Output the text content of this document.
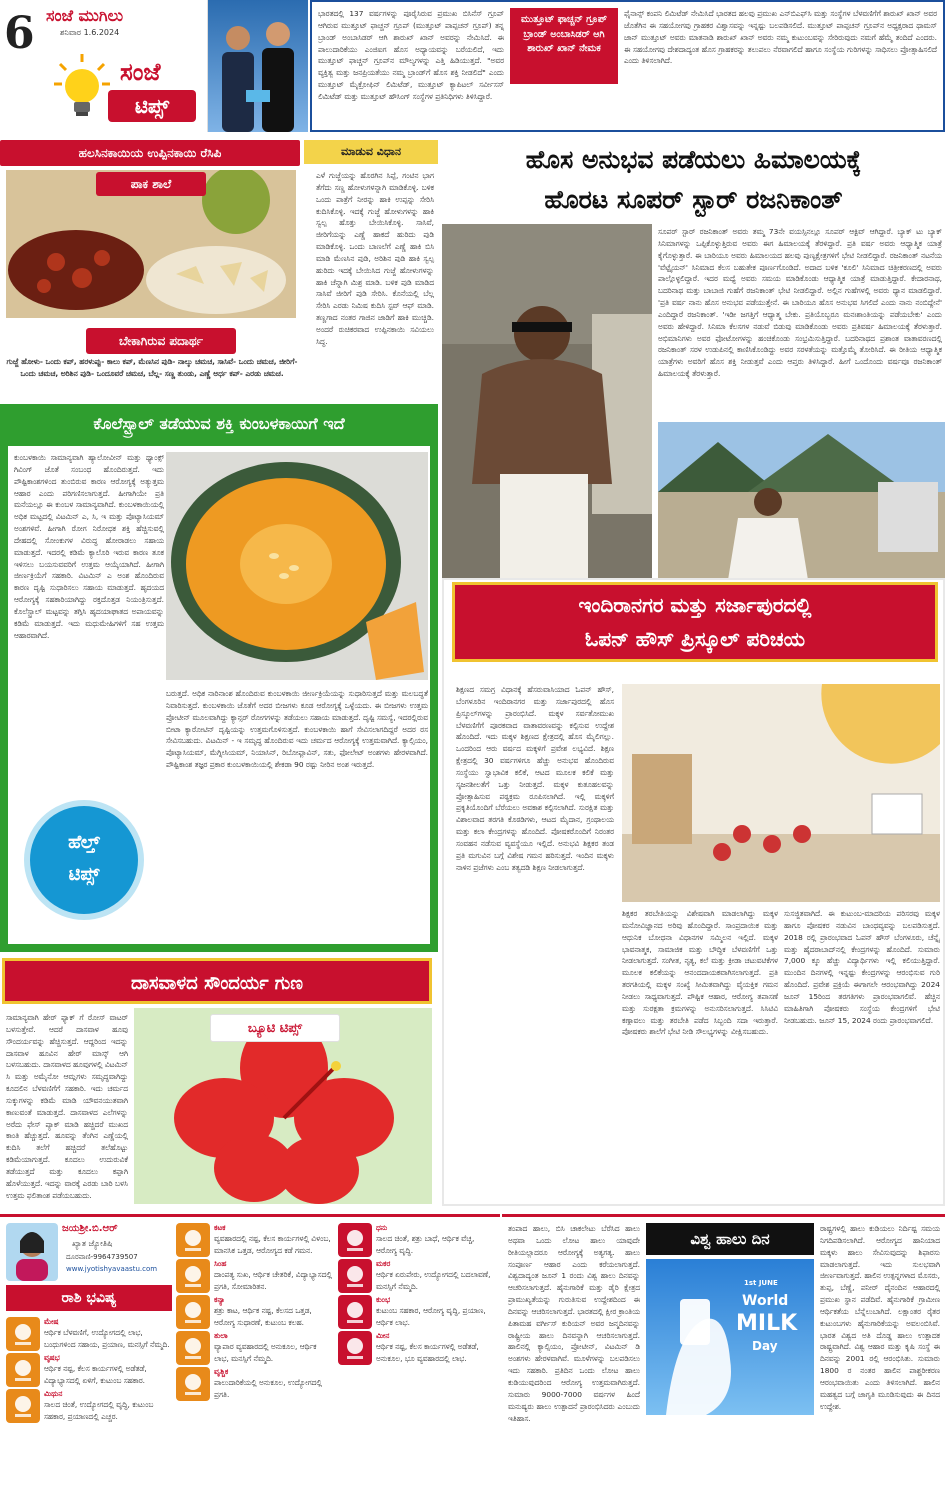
6 ಸಂಜೆ ಮುಗಿಲು
ಶನಿವಾರ 1.6.2024
ಸಂಜೆ
ಟಿಪ್ಸ್
ಭಾರತದಲ್ಲಿ 137 ವರ್ಷಗಳನ್ನು ಪೂರೈಸಿರುವ ಪ್ರಮುಖ ಬಿಸಿನೆಸ್ ಗ್ರೂಪ್ ಆಗಿರುವ ಮುತ್ತೂಟ್ ಫಾಚ್ಚನ್ ಗ್ರೂಪ್ (ಮುತ್ತೂಟ್ ಪಾಪ್ಪಚನ್ ಗ್ರೂಪ್) ತನ್ನ ಬ್ರಾಂಡ್ ಅಂಬಾಸಿಡರ್ ಆಗಿ ಶಾರುಖ್ ಖಾನ್ ಅವರನ್ನು ನೇಮಿಸಿದೆ. ಈ ಪಾಲುದಾರಿಕೆಯು ಎಂಜಿಐಗ ಹೊಸ ಅಧ್ಯಾಯವನ್ನು ಬರೆಯಲಿದೆ, ಇದು ಮುತ್ತೂಟ್ ಫಾಚ್ಚನ್ ಗ್ರೂಪ್‌ನ ಮೌಲ್ಯಗಳನ್ನು ಎತ್ತಿ ಹಿಡಿಯುತ್ತದೆ. "ಅವರ ವ್ಯಕ್ತಿತ್ವ ಮತ್ತು ಜನಪ್ರಿಯತೆಯು ನಮ್ಮ ಬ್ರಾಂಡ್‌ಗೆ ಹೊಸ ಶಕ್ತಿ ನೀಡಲಿದೆ" ಎಂದು ಮುತ್ತೂಟ್ ಮೈಕ್ರೋಫಿನ್ ಲಿಮಿಟೆಡ್, ಮುತ್ತೂಟ್ ಕ್ಯಾಪಿಟಲ್ ಸರ್ವೀಸಸ್ ಲಿಮಿಟೆಡ್ ಮತ್ತು ಮುತ್ತೂಟ್ ಹೌಸಿಂಗ್ ಸಂಸ್ಥೆಗಳ ಪ್ರತಿನಿಧಿಗಳು ತಿಳಿಸಿದ್ದಾರೆ.
ಮುತ್ತೂಟ್ ಫಾಚ್ಚನ್ ಗ್ರೂಪ್ ಬ್ರಾಂಡ್ ಅಂಬಾಸಿಡರ್ ಆಗಿ ಶಾರುಖ್ ಖಾನ್ ನೇಮಕ
ಫೈನಾನ್ಸ್ ಕಂಪನಿ ಲಿಮಿಟೆಡ್ ನೇಮಿಸಿದೆ ಭಾರತದ ಹಲವು ಪ್ರಮುಖ ಎನ್‌ಬಿಎಫ್‌ಸಿ ಮತ್ತು ಸಂಸ್ಥೆಗಳ ಬೆಳವಣಿಗೆಗೆ ಶಾರುಖ್ ಖಾನ್ ಅವರ ಜೊತೆಗಿನ ಈ ಸಹಯೋಗವು ಗ್ರಾಹಕರ ವಿಶ್ವಾಸವನ್ನು ಇನ್ನಷ್ಟು ಬಲಪಡಿಸಲಿದೆ. ಮುತ್ತೂಟ್ ಪಾಪ್ಪಚನ್ ಗ್ರೂಪ್‌ನ ಅಧ್ಯಕ್ಷರಾದ ಥಾಮಸ್ ಜಾನ್ ಮುತ್ತೂಟ್ ಅವರು ಮಾತನಾಡಿ ಶಾರುಖ್ ಖಾನ್ ಅವರು ನಮ್ಮ ಕುಟುಂಬವನ್ನು ಸೇರಿರುವುದು ನಮಗೆ ಹೆಮ್ಮೆ ತಂದಿದೆ ಎಂದರು. ಈ ಸಹಯೋಗವು ದೇಶದಾದ್ಯಂತ ಹೊಸ ಗ್ರಾಹಕರನ್ನು ತಲುಪಲು ನೆರವಾಗಲಿದೆ ಹಾಗೂ ಸಂಸ್ಥೆಯ ಗುರಿಗಳನ್ನು ಸಾಧಿಸಲು ಪ್ರೋತ್ಸಾಹಿಸಲಿದೆ ಎಂದು ತಿಳಿಸಲಾಗಿದೆ.
ಹಲಸಿನಕಾಯಿಯ ಉಪ್ಪಿನಕಾಯಿ ರೆಸಿಪಿ	ಮಾಡುವ ವಿಧಾನ
ಪಾಕ ಶಾಲೆ
ಎಳೆ ಗುಜ್ಜೆಯನ್ನು ಹೊರಗಿನ ಸಿಪ್ಪೆ, ಗಂಟಿನ ಭಾಗ ತೆಗೆದು ಸಣ್ಣ ಹೋಳುಗಳನ್ನಾಗಿ ಮಾಡಿಕೊಳ್ಳಿ. ಬಳಿಕ ಒಂದು ಪಾತ್ರೆಗೆ ನೀರನ್ನು ಹಾಕಿ ಉಪ್ಪನ್ನು ಸೇರಿಸಿ ಕುದಿಸಿಕೊಳ್ಳಿ. ಇದಕ್ಕೆ ಗುಜ್ಜೆ ಹೋಳುಗಳನ್ನು ಹಾಕಿ ಸ್ವಲ್ಪ ಹೊತ್ತು ಬೇಯಿಸಿಕೊಳ್ಳಿ. ಸಾಸಿವೆ, ಜೀರಿಗೆಯನ್ನು ಎಣ್ಣೆ ಹಾಕದೆ ಹುರಿದು ಪುಡಿ ಮಾಡಿಕೊಳ್ಳಿ. ಒಂದು ಬಾಣಲೆಗೆ ಎಣ್ಣೆ ಹಾಕಿ ಬಿಸಿ ಮಾಡಿ ಮೆಣಸಿನ ಪುಡಿ, ಅರಿಶಿನ ಪುಡಿ ಹಾಕಿ ಸ್ವಲ್ಪ ಹುರಿದು ಇದಕ್ಕೆ ಬೇಯಿಸಿದ ಗುಜ್ಜೆ ಹೋಳುಗಳನ್ನು ಹಾಕಿ ಚೆನ್ನಾಗಿ ಮಿಶ್ರ ಮಾಡಿ. ಬಳಿಕ ಪುಡಿ ಮಾಡಿದ ಸಾಸಿವೆ ಜೀರಿಗೆ ಪುಡಿ ಸೇರಿಸಿ. ಕೊನೆಯಲ್ಲಿ ಬೆಲ್ಲ ಸೇರಿಸಿ ಎರಡು ನಿಮಿಷ ಕುದಿಸಿ ಸ್ಟವ್ ಆಫ್ ಮಾಡಿ. ತಣ್ಣಗಾದ ನಂತರ ಗಾಜಿನ ಜಾಡಿಗೆ ಹಾಕಿ ಮುಚ್ಚಿಡಿ. ಅಂದರೆ ರುಚಿಕರವಾದ ಉಪ್ಪಿನಕಾಯಿ ಸವಿಯಲು ಸಿದ್ಧ.
ಬೇಕಾಗಿರುವ ಪದಾರ್ಥ
ಗುಜ್ಜೆ ಹೋಳು- ಒಂದು ಕಪ್, ಹರಳುಪ್ಪು- ಕಾಲು ಕಪ್, ಮೆಣಸಿನ ಪುಡಿ- ನಾಲ್ಕು ಚಮಚ, ಸಾಸಿವೆ- ಒಂದು ಚಮಚ, ಜೀರಿಗೆ- ಒಂದು ಚಮಚ, ಅರಿಶಿನ ಪುಡಿ- ಒಂದೂವರೆ ಚಮಚ, ಬೆಲ್ಲ- ಸಣ್ಣ ತುಂಡು, ಎಣ್ಣೆ ಅರ್ಧ ಕಪ್- ಎರಡು ಚಮಚ.
ಹೊಸ ಅನುಭವ ಪಡೆಯಲು ಹಿಮಾಲಯಕ್ಕೆ
ಹೊರಟ ಸೂಪರ್ ಸ್ಟಾರ್ ರಜನಿಕಾಂತ್
ಸೂಪರ್ ಸ್ಟಾರ್ ರಜನಿಕಾಂತ್ ಅವರು ತಮ್ಮ 73ನೇ ವಯಸ್ಸಿನಲ್ಲೂ ಸೂಪರ್ ಆಕ್ಟಿವ್ ಆಗಿದ್ದಾರೆ. ಬ್ಯಾಕ್ ಟು ಬ್ಯಾಕ್ ಸಿನಿಮಾಗಳನ್ನು ಒಪ್ಪಿಕೊಳ್ಳುತ್ತಿರುವ ಅವರು ಈಗ ಹಿಮಾಲಯಕ್ಕೆ ತೆರಳಿದ್ದಾರೆ. ಪ್ರತಿ ವರ್ಷ ಅವರು ಆಧ್ಯಾತ್ಮಿಕ ಯಾತ್ರೆ ಕೈಗೊಳ್ಳುತ್ತಾರೆ. ಈ ಬಾರಿಯೂ ಅವರು ಹಿಮಾಲಯದ ಹಲವು ಪುಣ್ಯಕ್ಷೇತ್ರಗಳಿಗೆ ಭೇಟಿ ನೀಡಲಿದ್ದಾರೆ. ರಜನಿಕಾಂತ್ ನಟನೆಯ 'ವೆಟ್ಟೈಯನ್' ಸಿನಿಮಾದ ಕೆಲಸ ಬಹುತೇಕ ಪೂರ್ಣಗೊಂಡಿದೆ. ಅದಾದ ಬಳಿಕ 'ಕೂಲಿ' ಸಿನಿಮಾದ ಚಿತ್ರೀಕರಣದಲ್ಲಿ ಅವರು ಪಾಲ್ಗೊಳ್ಳಲಿದ್ದಾರೆ. ಇದರ ಮಧ್ಯೆ ಅವರು ಸಮಯ ಮಾಡಿಕೊಂಡು ಆಧ್ಯಾತ್ಮಿಕ ಯಾತ್ರೆ ಮಾಡುತ್ತಿದ್ದಾರೆ. ಕೇದಾರನಾಥ, ಬದರಿನಾಥ ಮತ್ತು ಬಾಬಾಜಿ ಗುಹೆಗೆ ರಜನಿಕಾಂತ್ ಭೇಟಿ ನೀಡಲಿದ್ದಾರೆ. ಅಲ್ಲಿನ ಗುಹೆಗಳಲ್ಲಿ ಅವರು ಧ್ಯಾನ ಮಾಡಲಿದ್ದಾರೆ. 'ಪ್ರತಿ ವರ್ಷ ನಾನು ಹೊಸ ಅನುಭವ ಪಡೆಯುತ್ತೇನೆ. ಈ ಬಾರಿಯೂ ಹೊಸ ಅನುಭವ ಸಿಗಲಿದೆ ಎಂದು ನಾನು ನಂಬಿದ್ದೇನೆ' ಎಂದಿದ್ದಾರೆ ರಜನಿಕಾಂತ್. 'ಇಡೀ ಜಗತ್ತಿಗೆ ಆಧ್ಯಾತ್ಮ ಬೇಕು. ಪ್ರತಿಯೊಬ್ಬರೂ ಮನಃಶಾಂತಿಯನ್ನು ಪಡೆಯಬೇಕು' ಎಂದು ಅವರು ಹೇಳಿದ್ದಾರೆ. ಸಿನಿಮಾ ಕೆಲಸಗಳ ನಡುವೆ ಬಿಡುವು ಮಾಡಿಕೊಂಡು ಅವರು ಪ್ರತಿವರ್ಷ ಹಿಮಾಲಯಕ್ಕೆ ತೆರಳುತ್ತಾರೆ. ಅಭಿಮಾನಿಗಳು ಅವರ ಫೋಟೋಗಳನ್ನು ಹಂಚಿಕೊಂಡು ಸಂಭ್ರಮಿಸುತ್ತಿದ್ದಾರೆ. ಬದರಿನಾಥದ ಪ್ರಶಾಂತ ವಾತಾವರಣದಲ್ಲಿ ರಜನಿಕಾಂತ್ ಸರಳ ಉಡುಪಿನಲ್ಲಿ ಕಾಣಿಸಿಕೊಂಡಿದ್ದು ಅವರ ಸರಳತೆಯನ್ನು ಮತ್ತೊಮ್ಮೆ ತೋರಿಸಿದೆ. ಈ ರೀತಿಯ ಆಧ್ಯಾತ್ಮಿಕ ಯಾತ್ರೆಗಳು ಅವರಿಗೆ ಹೊಸ ಶಕ್ತಿ ನೀಡುತ್ತವೆ ಎಂದು ಆಪ್ತರು ತಿಳಿಸಿದ್ದಾರೆ. ಹೀಗೆ ಒಂದೊಂದು ವರ್ಷವೂ ರಜನಿಕಾಂತ್ ಹಿಮಾಲಯಕ್ಕೆ ತೆರಳುತ್ತಾರೆ.
ಕೊಲೆಸ್ಟ್ರಾಲ್ ತಡೆಯುವ ಶಕ್ತಿ ಕುಂಬಳಕಾಯಿಗೆ ಇದೆ
ಕುಂಬಳಕಾಯಿ ಸಾಮಾನ್ಯವಾಗಿ ಹ್ಯಾಲೋವೀನ್ ಮತ್ತು ಥ್ಯಾಂಕ್ಸ್ ಗಿವಿಂಗ್ ಜೊತೆ ಸಂಬಂಧ ಹೊಂದಿರುತ್ತದೆ. ಇದು ಪೌಷ್ಟಿಕಾಂಶಗಳಿಂದ ತುಂಬಿರುವ ಕಾರಣ ಆರೋಗ್ಯಕ್ಕೆ ಅತ್ಯುತ್ತಮ ಆಹಾರ ಎಂದು ಪರಿಗಣಿಸಲಾಗುತ್ತದೆ. ಹೀಗಾಗಿಯೇ ಪ್ರತಿ ಮನೆಯಲ್ಲೂ ಈ ಕುಂಬಳ ಸಾಮಾನ್ಯವಾಗಿದೆ. ಕುಂಬಳಕಾಯಿಯಲ್ಲಿ ಅಧಿಕ ಮಟ್ಟದಲ್ಲಿ ವಿಟಮಿನ್ ಎ, ಸಿ, ಇ ಮತ್ತು ಪೊಟ್ಯಾಸಿಯಮ್ ಅಂಶಗಳಿವೆ. ಹೀಗಾಗಿ ರೋಗ ನಿರೋಧಕ ಶಕ್ತಿ ಹೆಚ್ಚಿಸುವಲ್ಲಿ ದೇಹದಲ್ಲಿ ಸೋಂಕುಗಳ ವಿರುದ್ಧ ಹೋರಾಡಲು ಸಹಾಯ ಮಾಡುತ್ತದೆ. ಇದರಲ್ಲಿ ಕಡಿಮೆ ಕ್ಯಾಲೊರಿ ಇರುವ ಕಾರಣ ತೂಕ ಇಳಿಸಲು ಬಯಸುವವರಿಗೆ ಉತ್ತಮ ಆಯ್ಕೆಯಾಗಿದೆ. ಹೀಗಾಗಿ ಜೀರ್ಣಕ್ರಿಯೆಗೆ ಸಹಕಾರಿ. ವಿಟಮಿನ್ ಎ ಅಂಶ ಹೊಂದಿರುವ ಕಾರಣ ದೃಷ್ಟಿ ಸುಧಾರಿಸಲು ಸಹಾಯ ಮಾಡುತ್ತದೆ. ಹೃದಯದ ಆರೋಗ್ಯಕ್ಕೆ ಸಹಕಾರಿಯಾಗಿದ್ದು ರಕ್ತದೊತ್ತಡ ನಿಯಂತ್ರಿಸುತ್ತದೆ. ಕೊಲೆಸ್ಟ್ರಾಲ್ ಮಟ್ಟವನ್ನು ತಗ್ಗಿಸಿ ಹೃದಯಾಘಾತದ ಅಪಾಯವನ್ನು ಕಡಿಮೆ ಮಾಡುತ್ತದೆ. ಇದು ಮಧುಮೇಹಿಗಳಿಗೆ ಸಹ ಉತ್ತಮ ಆಹಾರವಾಗಿದೆ.
ಬರುತ್ತದೆ. ಅಧಿಕ ನಾರಿನಾಂಶ ಹೊಂದಿರುವ ಕುಂಬಳಕಾಯಿ ಜೀರ್ಣಕ್ರಿಯೆಯನ್ನು ಸುಧಾರಿಸುತ್ತದೆ ಮತ್ತು ಮಲಬದ್ಧತೆ ನಿವಾರಿಸುತ್ತದೆ. ಕುಂಬಳಕಾಯಿ ಜೊತೆಗೆ ಅದರ ಬೀಜಗಳು ಕೂಡ ಆರೋಗ್ಯಕ್ಕೆ ಒಳ್ಳೆಯದು. ಈ ಬೀಜಗಳು ಉತ್ತಮ ಪ್ರೋಟೀನ್ ಮೂಲವಾಗಿದ್ದು ಕ್ಯಾನ್ಸರ್ ರೋಗಗಳನ್ನು ತಡೆಯಲು ಸಹಾಯ ಮಾಡುತ್ತದೆ. ದೃಷ್ಟಿ ಸಮಸ್ಯೆ, ಇದರಲ್ಲಿರುವ ಬೀಟಾ ಕ್ಯಾರೋಟಿನ್ ದೃಷ್ಟಿಯನ್ನು ಉತ್ತಮಗೊಳಿಸುತ್ತದೆ. ಕುಂಬಳಕಾಯಿ ಹಾಗೆ ಸೇವಿಸಲಾಗದಿದ್ದರೆ ಅದರ ರಸ ಸೇವಿಸಬಹುದು. ವಿಟಮಿನ್ - ಇ ಸಮೃದ್ಧ ಹೊಂದಿರುವ ಇದು ಚರ್ಮದ ಆರೋಗ್ಯಕ್ಕೆ ಉತ್ತಮವಾಗಿದೆ. ಕ್ಯಾಲ್ಸಿಯಂ, ಪೊಟ್ಯಾಸಿಯಮ್, ಮೆಗ್ನೀಸಿಯಮ್, ನಿಯಾಸಿನ್, ರಿಬೋಫ್ಲಾವಿನ್, ಸತು, ಫೋಲೇಟ್ ಅಂಶಗಳು ಹೇರಳವಾಗಿದೆ. ಪೌಷ್ಟಿಕಾಂಶ ತಜ್ಞರ ಪ್ರಕಾರ ಕುಂಬಳಕಾಯಿಯಲ್ಲಿ ಶೇಕಡಾ 90 ರಷ್ಟು ನೀರಿನ ಅಂಶ ಇರುತ್ತದೆ.
ಹೆಲ್ತ್
ಟಿಪ್ಸ್
ಇಂದಿರಾನಗರ ಮತ್ತು ಸರ್ಜಾಪುರದಲ್ಲಿ
ಓಪನ್ ಹೌಸ್ ಪ್ರಿಸ್ಕೂಲ್ ಪರಿಚಯ
ಶಿಕ್ಷಣದ ಸಮಗ್ರ ವಿಧಾನಕ್ಕೆ ಹೆಸರುವಾಸಿಯಾದ ಓಪನ್ ಹೌಸ್, ಬೆಂಗಳೂರಿನ ಇಂದಿರಾನಗರ ಮತ್ತು ಸರ್ಜಾಪುರದಲ್ಲಿ ಹೊಸ ಪ್ರಿಸ್ಕೂಲ್‌ಗಳನ್ನು ಪ್ರಾರಂಭಿಸಿದೆ. ಮಕ್ಕಳ ಸರ್ವತೋಮುಖ ಬೆಳವಣಿಗೆಗೆ ಪೂರಕವಾದ ವಾತಾವರಣವನ್ನು ಕಲ್ಪಿಸುವ ಉದ್ದೇಶ ಹೊಂದಿದೆ. ಇದು ಮಕ್ಕಳ ಶಿಕ್ಷಣದ ಕ್ಷೇತ್ರದಲ್ಲಿ ಹೊಸ ಮೈಲಿಗಲ್ಲು. ಒಂದರಿಂದ ಆರು ವರ್ಷದ ಮಕ್ಕಳಿಗೆ ಪ್ರವೇಶ ಲಭ್ಯವಿದೆ. ಶಿಕ್ಷಣ ಕ್ಷೇತ್ರದಲ್ಲಿ 30 ವರ್ಷಗಳಿಗೂ ಹೆಚ್ಚು ಅನುಭವ ಹೊಂದಿರುವ ಸಂಸ್ಥೆಯು ಸ್ವಾಭಾವಿಕ ಕಲಿಕೆ, ಆಟದ ಮೂಲಕ ಕಲಿಕೆ ಮತ್ತು ಸೃಜನಶೀಲತೆಗೆ ಒತ್ತು ನೀಡುತ್ತದೆ. ಮಕ್ಕಳ ಕುತೂಹಲವನ್ನು ಪ್ರೋತ್ಸಾಹಿಸುವ ಪಠ್ಯಕ್ರಮ ರೂಪಿಸಲಾಗಿದೆ. ಇಲ್ಲಿ ಮಕ್ಕಳಿಗೆ ಪ್ರಕೃತಿಯೊಂದಿಗೆ ಬೆರೆಯಲು ಅವಕಾಶ ಕಲ್ಪಿಸಲಾಗಿದೆ. ಸುರಕ್ಷಿತ ಮತ್ತು ವಿಶಾಲವಾದ ತರಗತಿ ಕೊಠಡಿಗಳು, ಆಟದ ಮೈದಾನ, ಗ್ರಂಥಾಲಯ ಮತ್ತು ಕಲಾ ಕೇಂದ್ರಗಳನ್ನು ಹೊಂದಿದೆ. ಪೋಷಕರೊಂದಿಗೆ ನಿರಂತರ ಸಂವಹನ ನಡೆಸುವ ವ್ಯವಸ್ಥೆಯೂ ಇಲ್ಲಿದೆ. ಅನುಭವಿ ಶಿಕ್ಷಕರ ತಂಡ ಪ್ರತಿ ಮಗುವಿನ ಬಗ್ಗೆ ವಿಶೇಷ ಗಮನ ಹರಿಸುತ್ತದೆ. ಇಂದಿನ ಮಕ್ಕಳು ನಾಳಿನ ಪ್ರಜೆಗಳು ಎಂಬ ತತ್ವದಡಿ ಶಿಕ್ಷಣ ನೀಡಲಾಗುತ್ತದೆ.
ಶಿಕ್ಷಕರ ತರಬೇತಿಯನ್ನು ವಿಶೇಷವಾಗಿ ಮಾಡಲಾಗಿದ್ದು ಮಕ್ಕಳ ಮನೋವಿಜ್ಞಾನದ ಅರಿವು ಹೊಂದಿದ್ದಾರೆ. ಸಾಂಪ್ರದಾಯಿಕ ಮತ್ತು ಆಧುನಿಕ ಬೋಧನಾ ವಿಧಾನಗಳ ಸಮ್ಮಿಲನ ಇಲ್ಲಿದೆ. ಮಕ್ಕಳ ಭಾವನಾತ್ಮಕ, ಸಾಮಾಜಿಕ ಮತ್ತು ಬೌದ್ಧಿಕ ಬೆಳವಣಿಗೆಗೆ ಒತ್ತು ನೀಡಲಾಗುತ್ತದೆ. ಸಂಗೀತ, ನೃತ್ಯ, ಕಲೆ ಮತ್ತು ಕ್ರೀಡಾ ಚಟುವಟಿಕೆಗಳ ಮೂಲಕ ಕಲಿಕೆಯನ್ನು ಆನಂದದಾಯಕವಾಗಿಸಲಾಗುತ್ತದೆ. ಪ್ರತಿ ತರಗತಿಯಲ್ಲಿ ಮಕ್ಕಳ ಸಂಖ್ಯೆ ಸೀಮಿತವಾಗಿದ್ದು ವೈಯಕ್ತಿಕ ಗಮನ ನೀಡಲು ಸಾಧ್ಯವಾಗುತ್ತದೆ. ಪೌಷ್ಟಿಕ ಆಹಾರ, ಆರೋಗ್ಯ ತಪಾಸಣೆ ಮತ್ತು ಸುರಕ್ಷತಾ ಕ್ರಮಗಳನ್ನು ಅನುಸರಿಸಲಾಗುತ್ತದೆ. ಸಿಸಿಟಿವಿ ಕಣ್ಗಾವಲು ಮತ್ತು ತರಬೇತಿ ಪಡೆದ ಸಿಬ್ಬಂದಿ ಸದಾ ಇರುತ್ತಾರೆ. ಪೋಷಕರು ಶಾಲೆಗೆ ಭೇಟಿ ನೀಡಿ ಸೌಲಭ್ಯಗಳನ್ನು ವೀಕ್ಷಿಸಬಹುದು.
ಸುಸಜ್ಜಿತವಾಗಿದೆ. ಈ ಕುಟುಂಬ-ಮಾದರಿಯ ಪರಿಸರವು ಮಕ್ಕಳ ಹಾಗೂ ಪೋಷಕರ ನಡುವಿನ ಬಾಂಧವ್ಯವನ್ನು ಬಲಪಡಿಸುತ್ತದೆ. 2018 ರಲ್ಲಿ ಪ್ರಾರಂಭವಾದ ಓಪನ್ ಹೌಸ್ ಬೆಂಗಳೂರು, ಚೆನ್ನೈ ಮತ್ತು ಹೈದರಾಬಾದ್‌ನಲ್ಲಿ ಕೇಂದ್ರಗಳನ್ನು ಹೊಂದಿದೆ. ಸುಮಾರು 7,000 ಕ್ಕೂ ಹೆಚ್ಚು ವಿದ್ಯಾರ್ಥಿಗಳು ಇಲ್ಲಿ ಕಲಿಯುತ್ತಿದ್ದಾರೆ. ಮುಂದಿನ ದಿನಗಳಲ್ಲಿ ಇನ್ನಷ್ಟು ಕೇಂದ್ರಗಳನ್ನು ಆರಂಭಿಸುವ ಗುರಿ ಹೊಂದಿದೆ. ಪ್ರವೇಶ ಪ್ರಕ್ರಿಯೆ ಈಗಾಗಲೇ ಆರಂಭವಾಗಿದ್ದು 2024 ಜೂನ್ 15ರಿಂದ ತರಗತಿಗಳು ಪ್ರಾರಂಭವಾಗಲಿವೆ. ಹೆಚ್ಚಿನ ಮಾಹಿತಿಗಾಗಿ ಪೋಷಕರು ಸಂಸ್ಥೆಯ ಕೇಂದ್ರಗಳಿಗೆ ಭೇಟಿ ನೀಡಬಹುದು. ಜೂನ್ 15, 2024 ರಂದು ಪ್ರಾರಂಭವಾಗಲಿದೆ.
ದಾಸವಾಳದ ಸೌಂದರ್ಯ ಗುಣ
ಸಾಮಾನ್ಯವಾಗಿ ಹೇರ್ ಫ್ಯಾಕ್ ಗೆ ರೋಸ್ ವಾಟರ್ ಬಳಸುತ್ತೇವೆ. ಆದರೆ ದಾಸವಾಳ ಹೂವು ಸೌಂದರ್ಯವನ್ನು ಹೆಚ್ಚಿಸುತ್ತದೆ. ಆದ್ದರಿಂದ ಇದನ್ನು ದಾಸವಾಳ ಹೂವಿನ ಹೇರ್ ಮಾಸ್ಕ್ ಆಗಿ ಬಳಸಬಹುದು. ದಾಸವಾಳದ ಹೂವುಗಳಲ್ಲಿ ವಿಟಮಿನ್ ಸಿ ಮತ್ತು ಅಮೈನೋ ಆಮ್ಲಗಳು ಸಮೃದ್ಧವಾಗಿದ್ದು ಕೂದಲಿನ ಬೆಳವಣಿಗೆಗೆ ಸಹಕಾರಿ. ಇದು ಚರ್ಮದ ಸುಕ್ಕುಗಳನ್ನು ಕಡಿಮೆ ಮಾಡಿ ಯೌವನಯುತವಾಗಿ ಕಾಣುವಂತೆ ಮಾಡುತ್ತದೆ. ದಾಸವಾಳದ ಎಲೆಗಳನ್ನು ಅರೆದು ಫೇಸ್ ಪ್ಯಾಕ್ ಮಾಡಿ ಹಚ್ಚಿದರೆ ಮುಖದ ಕಾಂತಿ ಹೆಚ್ಚುತ್ತದೆ. ಹೂವನ್ನು ತೆಂಗಿನ ಎಣ್ಣೆಯಲ್ಲಿ ಕುದಿಸಿ ತಲೆಗೆ ಹಚ್ಚಿದರೆ ತಲೆಹೊಟ್ಟು ಕಡಿಮೆಯಾಗುತ್ತದೆ. ಕೂದಲು ಉದುರುವಿಕೆ ತಡೆಯುತ್ತದೆ ಮತ್ತು ಕೂದಲು ಕಪ್ಪಾಗಿ ಹೊಳೆಯುತ್ತದೆ. ಇದನ್ನು ವಾರಕ್ಕೆ ಎರಡು ಬಾರಿ ಬಳಸಿ ಉತ್ತಮ ಫಲಿತಾಂಶ ಪಡೆಯಬಹುದು.
ಬ್ಯೂಟಿ ಟಿಪ್ಸ್
ಜಯಶ್ರೀ.ಬಿ.ಆರ್
ಖ್ಯಾತ ಜ್ಯೋತಿಷಿ
ದೂರವಾಣಿ-9964739507
www.jyotishyavaastu.com
ರಾಶಿ ಭವಿಷ್ಯ
ಮೇಷ
ಆರ್ಥಿಕ ಬೆಳವಣಿಗೆ, ಉದ್ಯೋಗದಲ್ಲಿ ಲಾಭ, ಬಂಧುಗಳಿಂದ ಸಹಾಯ, ಪ್ರಯಾಣ, ಮನಸ್ಸಿಗೆ ನೆಮ್ಮದಿ.
ವೃಷಭ
ಆರ್ಥಿಕ ನಷ್ಟ, ಕೆಲಸ ಕಾರ್ಯಗಳಲ್ಲಿ ಅಡೆತಡೆ, ವಿದ್ಯಾಭ್ಯಾಸದಲ್ಲಿ ಏಳಿಗೆ, ಕುಟುಂಬ ಸಹಕಾರ.
ಮಿಥುನ
ಸಾಲದ ಚಿಂತೆ, ಉದ್ಯೋಗದಲ್ಲಿ ವೃದ್ಧಿ, ಕುಟುಂಬ ಸಹಕಾರ, ಪ್ರಯಾಣದಲ್ಲಿ ಎಚ್ಚರ.
ಕಟಕ
ವ್ಯವಹಾರದಲ್ಲಿ ನಷ್ಟ, ಕೆಲಸ ಕಾರ್ಯಗಳಲ್ಲಿ ವಿಳಂಬ, ಮಾನಸಿಕ ಒತ್ತಡ, ಆರೋಗ್ಯದ ಕಡೆ ಗಮನ.
ಸಿಂಹ
ದಾಂಪತ್ಯ ಸುಖ, ಆರ್ಥಿಕ ಚೇತರಿಕೆ, ವಿದ್ಯಾಭ್ಯಾಸದಲ್ಲಿ ಪ್ರಗತಿ, ಸೋಮಾರಿತನ.
ಕನ್ಯಾ
ಶತ್ರು ಕಾಟ, ಆರ್ಥಿಕ ನಷ್ಟ, ಕೆಲಸದ ಒತ್ತಡ, ಆರೋಗ್ಯ ಸುಧಾರಣೆ, ಕುಟುಂಬ ಕಲಹ.
ತುಲಾ
ವ್ಯಾಪಾರ ವ್ಯವಹಾರದಲ್ಲಿ ಅನುಕೂಲ, ಆರ್ಥಿಕ ಲಾಭ, ಮನಸ್ಸಿಗೆ ನೆಮ್ಮದಿ.
ವೃಶ್ಚಿಕ
ಪಾಲುದಾರಿಕೆಯಲ್ಲಿ ಅನುಕೂಲ, ಉದ್ಯೋಗದಲ್ಲಿ ಪ್ರಗತಿ.
ಧನು
ಸಾಲದ ಚಿಂತೆ, ಶತ್ರು ಬಾಧೆ, ಆರ್ಥಿಕ ವೆಚ್ಚ, ಆರೋಗ್ಯ ವೃದ್ಧಿ.
ಮಕರ
ಆರ್ಥಿಕ ಏರುಪೇರು, ಉದ್ಯೋಗದಲ್ಲಿ ಬದಲಾವಣೆ, ಮನಸ್ಸಿಗೆ ನೆಮ್ಮದಿ.
ಕುಂಭ
ಕುಟುಂಬ ಸಹಕಾರ, ಆರೋಗ್ಯ ವೃದ್ಧಿ, ಪ್ರಯಾಣ, ಆರ್ಥಿಕ ಲಾಭ.
ಮೀನ
ಆರ್ಥಿಕ ನಷ್ಟ, ಕೆಲಸ ಕಾರ್ಯಗಳಲ್ಲಿ ಅಡೆತಡೆ, ಅನುಕೂಲ, ಭೂ ವ್ಯವಹಾರದಲ್ಲಿ ಲಾಭ.
ತಂಪಾದ ಹಾಲು, ಬಿಸಿ ಚಾಕಲೇಟು ಬೆರೆಸಿದ ಹಾಲು ಅಥವಾ ಒಂದು ಲೋಟ ಹಾಲು ಯಾವುದೇ ರೀತಿಯಲ್ಲಾದರೂ ಆರೋಗ್ಯಕ್ಕೆ ಅತ್ಯಗತ್ಯ. ಹಾಲು ಸಂಪೂರ್ಣ ಆಹಾರ ಎಂದು ಕರೆಯಲಾಗುತ್ತದೆ. ವಿಶ್ವದಾದ್ಯಂತ ಜೂನ್ 1 ರಂದು ವಿಶ್ವ ಹಾಲು ದಿನವನ್ನು ಆಚರಿಸಲಾಗುತ್ತದೆ. ಹೈನುಗಾರಿಕೆ ಮತ್ತು ಡೈರಿ ಕ್ಷೇತ್ರದ ಪ್ರಾಮುಖ್ಯತೆಯನ್ನು ಗುರುತಿಸುವ ಉದ್ದೇಶದಿಂದ ಈ ದಿನವನ್ನು ಆಚರಿಸಲಾಗುತ್ತದೆ. ಭಾರತದಲ್ಲಿ ಕ್ಷೀರ ಕ್ರಾಂತಿಯ ಪಿತಾಮಹ ವರ್ಗೀಸ್ ಕುರಿಯನ್ ಅವರ ಜನ್ಮದಿನವನ್ನು ರಾಷ್ಟ್ರೀಯ ಹಾಲು ದಿನವನ್ನಾಗಿ ಆಚರಿಸಲಾಗುತ್ತದೆ. ಹಾಲಿನಲ್ಲಿ ಕ್ಯಾಲ್ಸಿಯಂ, ಪ್ರೋಟೀನ್, ವಿಟಮಿನ್ ಡಿ ಅಂಶಗಳು ಹೇರಳವಾಗಿವೆ. ಮೂಳೆಗಳನ್ನು ಬಲಪಡಿಸಲು ಇದು ಸಹಕಾರಿ. ಪ್ರತಿದಿನ ಒಂದು ಲೋಟ ಹಾಲು ಕುಡಿಯುವುದರಿಂದ ಆರೋಗ್ಯ ಉತ್ತಮವಾಗಿರುತ್ತದೆ. ಸುಮಾರು 9000-7000 ವರ್ಷಗಳ ಹಿಂದೆ ಮನುಷ್ಯರು ಹಾಲು ಉತ್ಪಾದನೆ ಪ್ರಾರಂಭಿಸಿದರು ಎಂಬುದು ಇತಿಹಾಸ.
ವಿಶ್ವ ಹಾಲು ದಿನ
1st JUNE
World
MILK
Day
ರಾಷ್ಟ್ರಗಳಲ್ಲಿ ಹಾಲು ಕುಡಿಯಲು ನಿರ್ದಿಷ್ಟ ಸಮಯ ನಿಗದಿಪಡಿಸಲಾಗಿದೆ. ಆರೋಗ್ಯದ ಹಾನಿಯಾದ ಮಕ್ಕಳು ಹಾಲು ಸೇವಿಸುವುದನ್ನು ಶಿಫಾರಸು ಮಾಡಲಾಗುತ್ತದೆ. ಇದು ಸುಲಭವಾಗಿ ಜೀರ್ಣವಾಗುತ್ತದೆ. ಹಾಲಿನ ಉತ್ಪನ್ನಗಳಾದ ಮೊಸರು, ತುಪ್ಪ, ಬೆಣ್ಣೆ, ಪನೀರ್ ದೈನಂದಿನ ಆಹಾರದಲ್ಲಿ ಪ್ರಮುಖ ಸ್ಥಾನ ಪಡೆದಿವೆ. ಹೈನುಗಾರಿಕೆ ಗ್ರಾಮೀಣ ಆರ್ಥಿಕತೆಯ ಬೆನ್ನೆಲುಬಾಗಿದೆ. ಲಕ್ಷಾಂತರ ರೈತರ ಕುಟುಂಬಗಳು ಹೈನುಗಾರಿಕೆಯನ್ನು ಅವಲಂಬಿಸಿವೆ. ಭಾರತ ವಿಶ್ವದ ಅತಿ ದೊಡ್ಡ ಹಾಲು ಉತ್ಪಾದಕ ರಾಷ್ಟ್ರವಾಗಿದೆ. ವಿಶ್ವ ಆಹಾರ ಮತ್ತು ಕೃಷಿ ಸಂಸ್ಥೆ ಈ ದಿನವನ್ನು 2001 ರಲ್ಲಿ ಆರಂಭಿಸಿತು. ಸುಮಾರು 1800 ರ ನಂತರ ಹಾಲಿನ ಪಾಶ್ಚರೀಕರಣ ಆರಂಭವಾಯಿತು ಎಂದು ತಿಳಿಸಲಾಗಿದೆ. ಹಾಲಿನ ಮಹತ್ವದ ಬಗ್ಗೆ ಜಾಗೃತಿ ಮೂಡಿಸುವುದು ಈ ದಿನದ ಉದ್ದೇಶ.
